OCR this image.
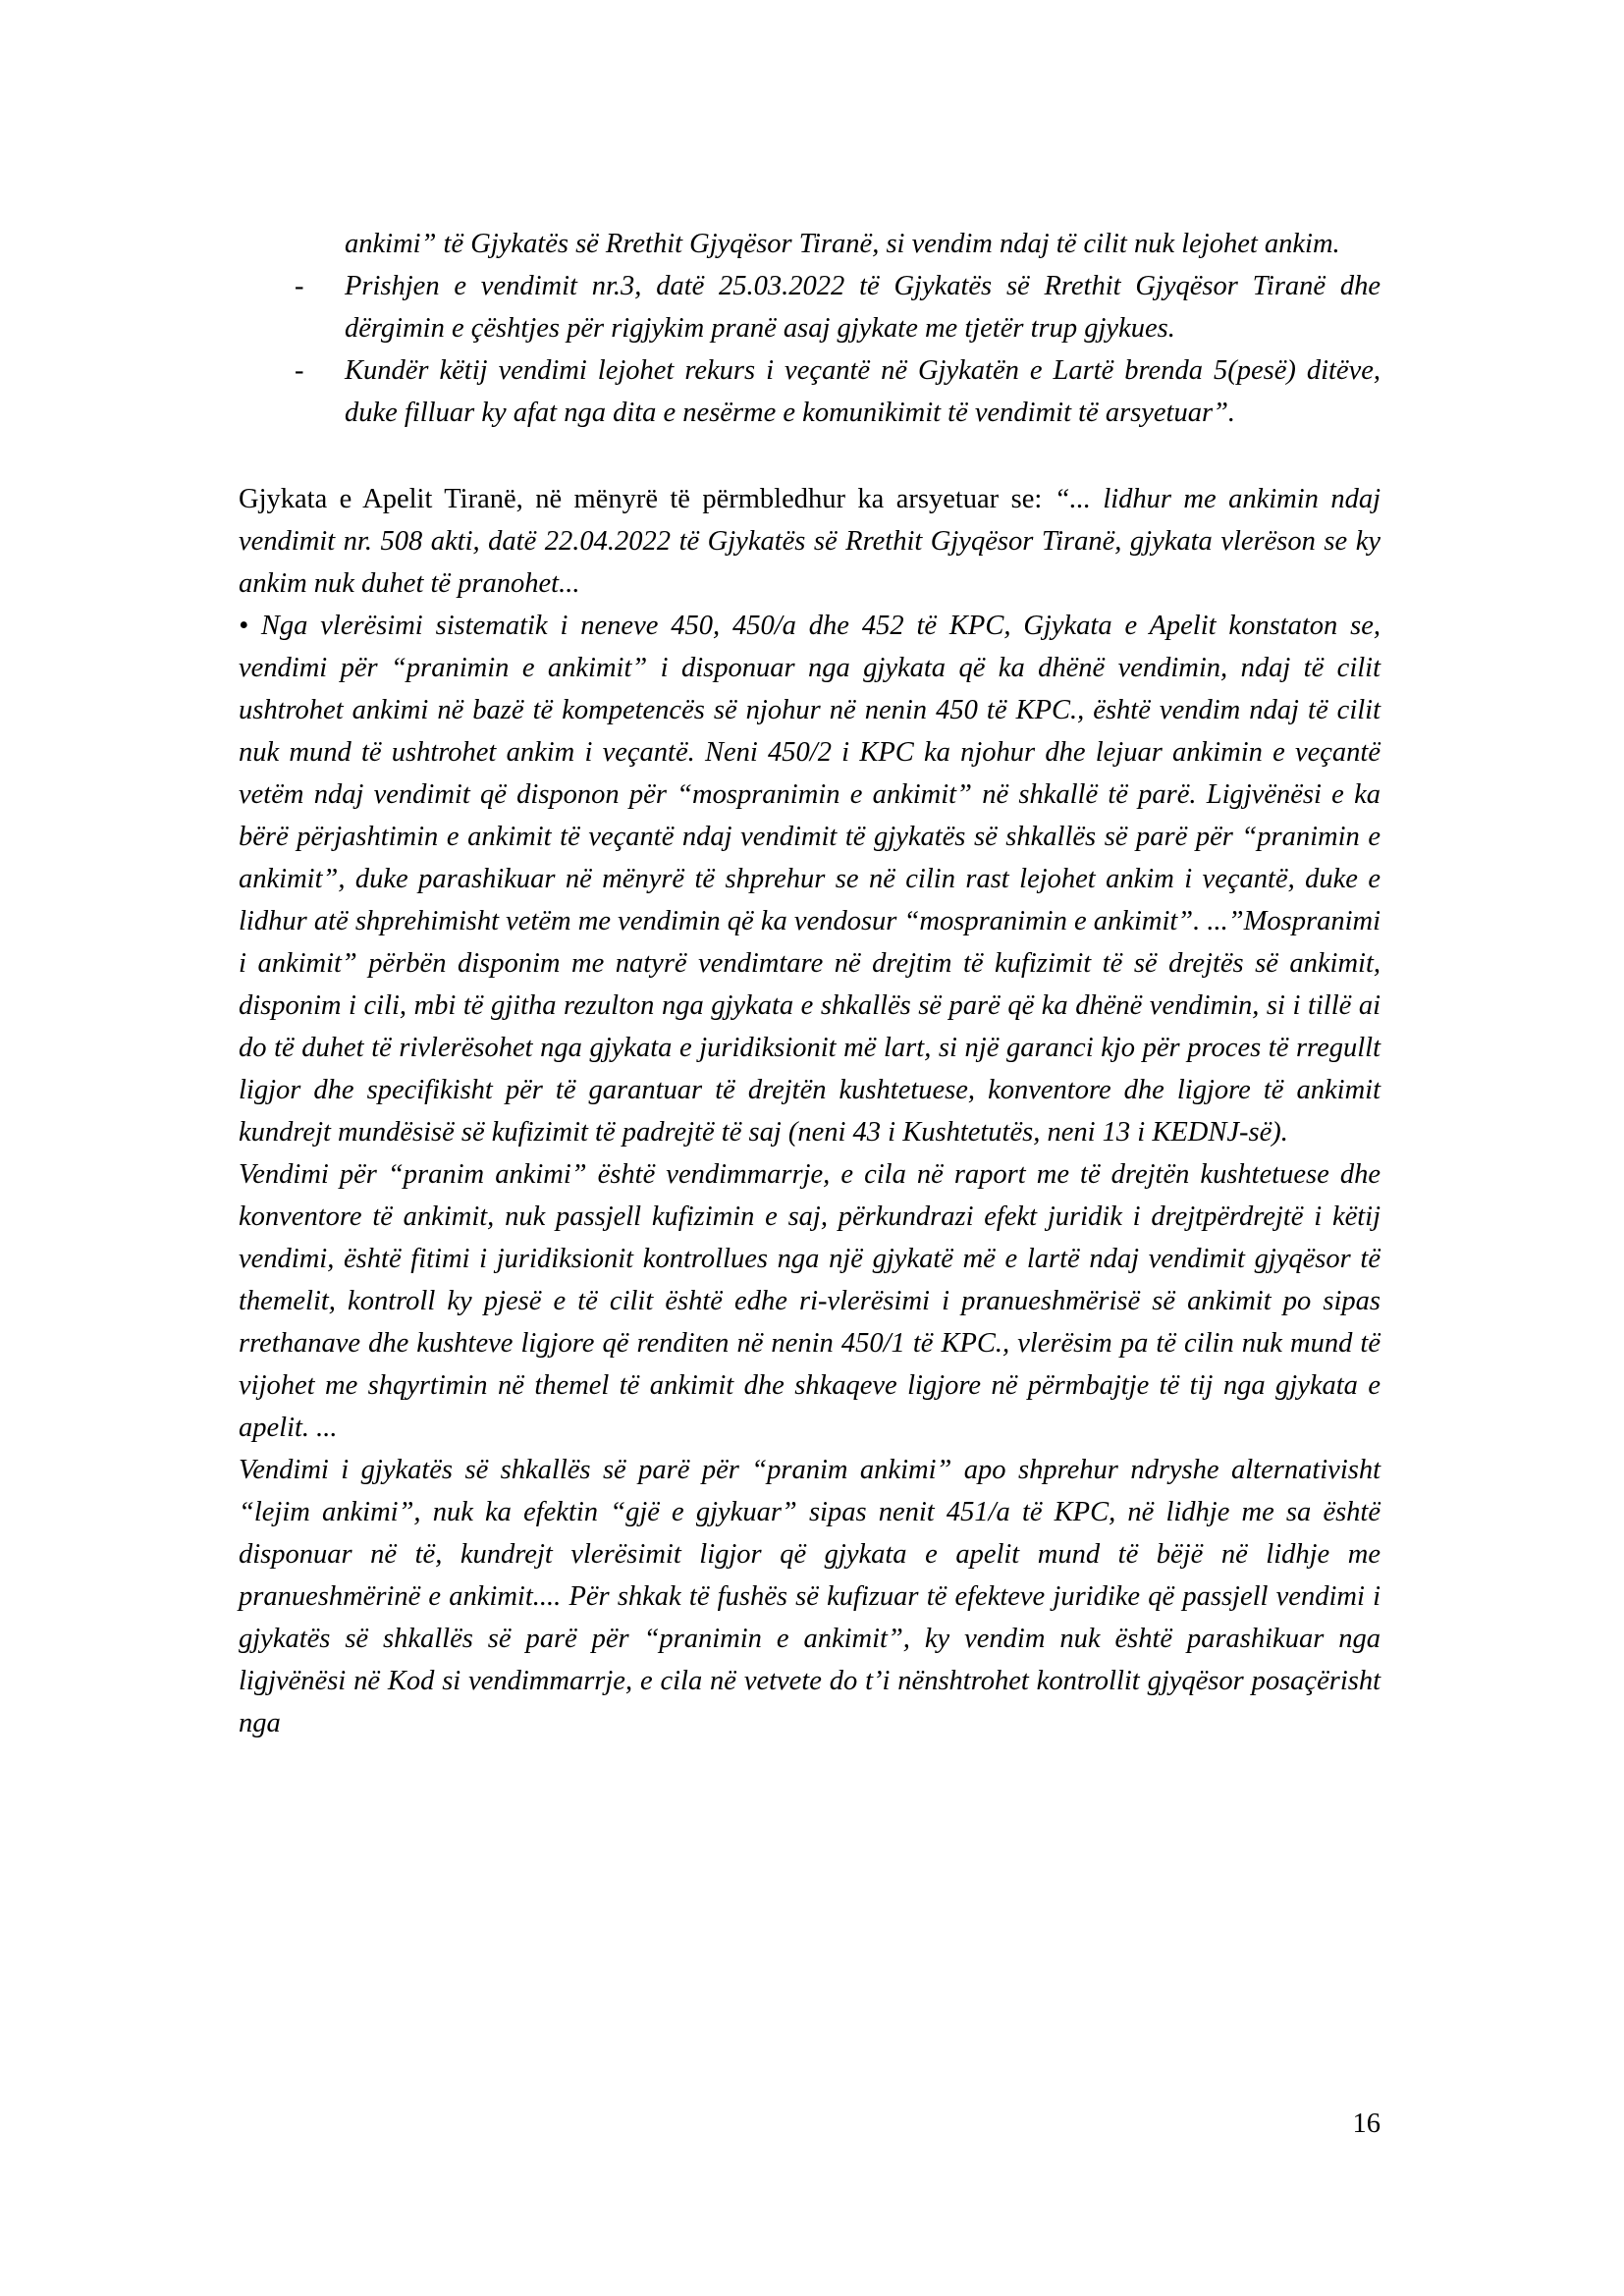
ankimi” të Gjykatës së Rrethit Gjyqësor Tiranë, si vendim ndaj të cilit nuk lejohet ankim.
- Prishjen e vendimit nr.3, datë 25.03.2022 të Gjykatës së Rrethit Gjyqësor Tiranë dhe dërgimin e çështjes për rigjykim pranë asaj gjykate me tjetër trup gjykues.
- Kundër këtij vendimi lejohet rekurs i veçantë në Gjykatën e Lartë brenda 5(pesë) ditëve, duke filluar ky afat nga dita e nesërme e komunikimit të vendimit të arsyetuar”.

Gjykata e Apelit Tiranë, në mënyrë të përmbledhur ka arsyetuar se: “... lidhur me ankimin ndaj vendimit nr. 508 akti, datë 22.04.2022 të Gjykatës së Rrethit Gjyqësor Tiranë, gjykata vlerëson se ky ankim nuk duhet të pranohet...

• Nga vlerësimi sistematik i neneve 450, 450/a dhe 452 të KPC, Gjykata e Apelit konstaton se, vendimi për “pranimin e ankimit” i disponuar nga gjykata që ka dhënë vendimin, ndaj të cilit ushtrohet ankimi në bazë të kompetencës së njohur në nenin 450 të KPC., është vendim ndaj të cilit nuk mund të ushtrohet ankim i veçantë. Neni 450/2 i KPC ka njohur dhe lejuar ankimin e veçantë vetëm ndaj vendimit që disponon për “mospranimin e ankimit” në shkallë të parë. Ligjvënësi e ka bërë përjashtimin e ankimit të veçantë ndaj vendimit të gjykatës së shkallës së parë për “pranimin e ankimit”, duke parashikuar në mënyrë të shprehur se në cilin rast lejohet ankim i veçantë, duke e lidhur atë shprehimisht vetëm me vendimin që ka vendosur “mospranimin e ankimit”. ...”Mospranimi i ankimit” përbën disponim me natyrë vendimtare në drejtim të kufizimit të së drejtës së ankimit, disponim i cili, mbi të gjitha rezulton nga gjykata e shkallës së parë që ka dhënë vendimin, si i tillë ai do të duhet të rivlerësohet nga gjykata e juridiksionit më lart, si një garanci kjo për proces të rregullt ligjor dhe specifikisht për të garantuar të drejtën kushtetuese, konventore dhe ligjore të ankimit kundrejt mundësisë së kufizimit të padrejtë të saj (neni 43 i Kushtetutës, neni 13 i KEDNJ-së).

Vendimi për “pranim ankimi” është vendimmarrje, e cila në raport me të drejtën kushtetuese dhe konventore të ankimit, nuk passjell kufizimin e saj, përkundrazi efekt juridik i drejtpërdrejtë i këtij vendimi, është fitimi i juridiksionit kontrollues nga një gjykatë më e lartë ndaj vendimit gjyqësor të themelit, kontroll ky pjesë e të cilit është edhe ri-vlerësimi i pranueshmërisë së ankimit po sipas rrethanave dhe kushteve ligjore që renditen në nenin 450/1 të KPC., vlerësim pa të cilin nuk mund të vijohet me shqyrtimin në themel të ankimit dhe shkaqeve ligjore në përmbajtje të tij nga gjykata e apelit. ...

Vendimi i gjykatës së shkallës së parë për “pranim ankimi” apo shprehur ndryshe alternativisht “lejim ankimi”, nuk ka efektin “gjë e gjykuar” sipas nenit 451/a të KPC, në lidhje me sa është disponuar në të, kundrejt vlerësimit ligjor që gjykata e apelit mund të bëjë në lidhje me pranueshmërinë e ankimit.... Për shkak të fushës së kufizuar të efekteve juridike që passjell vendimi i gjykatës së shkallës së parë për “pranimin e ankimit”, ky vendim nuk është parashikuar nga ligjvënësi në Kod si vendimmarrje, e cila në vetvete do t’i nënshtrohet kontrollit gjyqësor posaçërisht nga

16
